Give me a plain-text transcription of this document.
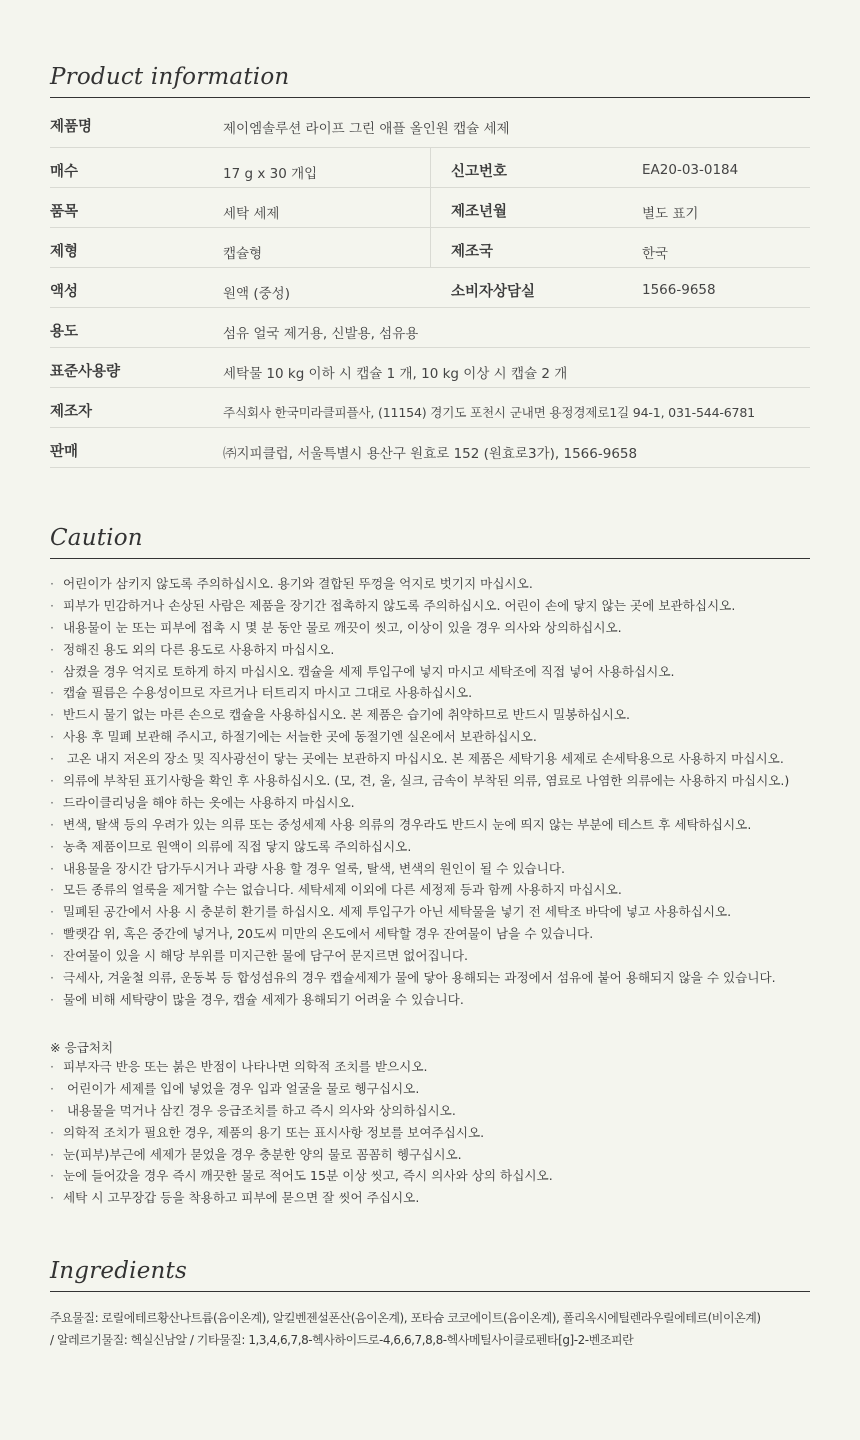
Product information
제품명	제이엠솔루션 라이프 그린 애플 올인원 캡슐 세제
매수	17 g x 30 개입	신고번호	EA20-03-0184
품목	세탁 세제	제조년월	별도 표기
제형	캡슐형	제조국	한국
액성	원액 (중성)	소비자상담실	1566-9658
용도	섬유 얼국 제거용, 신발용, 섬유용
표준사용량	세탁물 10 kg 이하 시 캡슐 1 개, 10 kg 이상 시 캡슐 2 개
제조자	주식회사 한국미라클피플사, (11154) 경기도 포천시 군내면 용정경제로1길 94-1, 031-544-6781
판매	㈜지피클럽, 서울특별시 용산구 원효로 152 (원효로3가), 1566-9658
Caution
· 어린이가 삼키지 않도록 주의하십시오. 용기와 결합된 뚜껑을 억지로 벗기지 마십시오.
· 피부가 민감하거나 손상된 사람은 제품을 장기간 접촉하지 않도록 주의하십시오. 어린이 손에 닿지 않는 곳에 보관하십시오.
· 내용물이 눈 또는 피부에 접촉 시 몇 분 동안 물로 깨끗이 씻고, 이상이 있을 경우 의사와 상의하십시오.
· 정해진 용도 외의 다른 용도로 사용하지 마십시오.
· 삼켰을 경우 억지로 토하게 하지 마십시오. 캡슐을 세제 투입구에 넣지 마시고 세탁조에 직접 넣어 사용하십시오.
· 캡슐 필름은 수용성이므로 자르거나 터트리지 마시고 그대로 사용하십시오.
· 반드시 물기 없는 마른 손으로 캡슐을 사용하십시오. 본 제품은 습기에 취약하므로 반드시 밀봉하십시오.
· 사용 후 밀폐 보관해 주시고, 하절기에는 서늘한 곳에 동절기엔 실온에서 보관하십시오.
· 고온 내지 저온의 장소 및 직사광선이 닿는 곳에는 보관하지 마십시오. 본 제품은 세탁기용 세제로 손세탁용으로 사용하지 마십시오.
· 의류에 부착된 표기사항을 확인 후 사용하십시오. (모, 견, 울, 실크, 금속이 부착된 의류, 염료로 나염한 의류에는 사용하지 마십시오.)
· 드라이클리닝을 해야 하는 옷에는 사용하지 마십시오.
· 변색, 탈색 등의 우려가 있는 의류 또는 중성세제 사용 의류의 경우라도 반드시 눈에 띄지 않는 부분에 테스트 후 세탁하십시오.
· 농축 제품이므로 원액이 의류에 직접 닿지 않도록 주의하십시오.
· 내용물을 장시간 담가두시거나 과량 사용 할 경우 얼룩, 탈색, 변색의 원인이 될 수 있습니다.
· 모든 종류의 얼룩을 제거할 수는 없습니다. 세탁세제 이외에 다른 세정제 등과 함께 사용하지 마십시오.
· 밀폐된 공간에서 사용 시 충분히 환기를 하십시오. 세제 투입구가 아닌 세탁물을 넣기 전 세탁조 바닥에 넣고 사용하십시오.
· 빨랫감 위, 혹은 중간에 넣거나, 20도씨 미만의 온도에서 세탁할 경우 잔여물이 남을 수 있습니다.
· 잔여물이 있을 시 해당 부위를 미지근한 물에 담구어 문지르면 없어집니다.
· 극세사, 겨울철 의류, 운동복 등 합성섬유의 경우 캡슐세제가 물에 닿아 용해되는 과정에서 섬유에 붙어 용해되지 않을 수 있습니다.
· 물에 비해 세탁량이 많을 경우, 캡슐 세제가 용해되기 어려울 수 있습니다.
※ 응급처치
· 피부자극 반응 또는 붉은 반점이 나타나면 의학적 조치를 받으시오.
· 어린이가 세제를 입에 넣었을 경우 입과 얼굴을 물로 헹구십시오.
· 내용물을 먹거나 삼킨 경우 응급조치를 하고 즉시 의사와 상의하십시오.
· 의학적 조치가 필요한 경우, 제품의 용기 또는 표시사항 정보를 보여주십시오.
· 눈(피부)부근에 세제가 묻었을 경우 충분한 양의 물로 꼼꼼히 헹구십시오.
· 눈에 들어갔을 경우 즉시 깨끗한 물로 적어도 15분 이상 씻고, 즉시 의사와 상의 하십시오.
· 세탁 시 고무장갑 등을 착용하고 피부에 묻으면 잘 씻어 주십시오.
Ingredients
주요물질: 로릴에테르황산나트륨(음이온계), 알킬벤젠설폰산(음이온계), 포타슘 코코에이트(음이온계), 폴리옥시에틸렌라우릴에테르(비이온계)
/ 알레르기물질: 헥실신남알 / 기타물질: 1,3,4,6,7,8-헥사하이드로-4,6,6,7,8,8-헥사메틸사이클로펜타[g]-2-벤조피란
